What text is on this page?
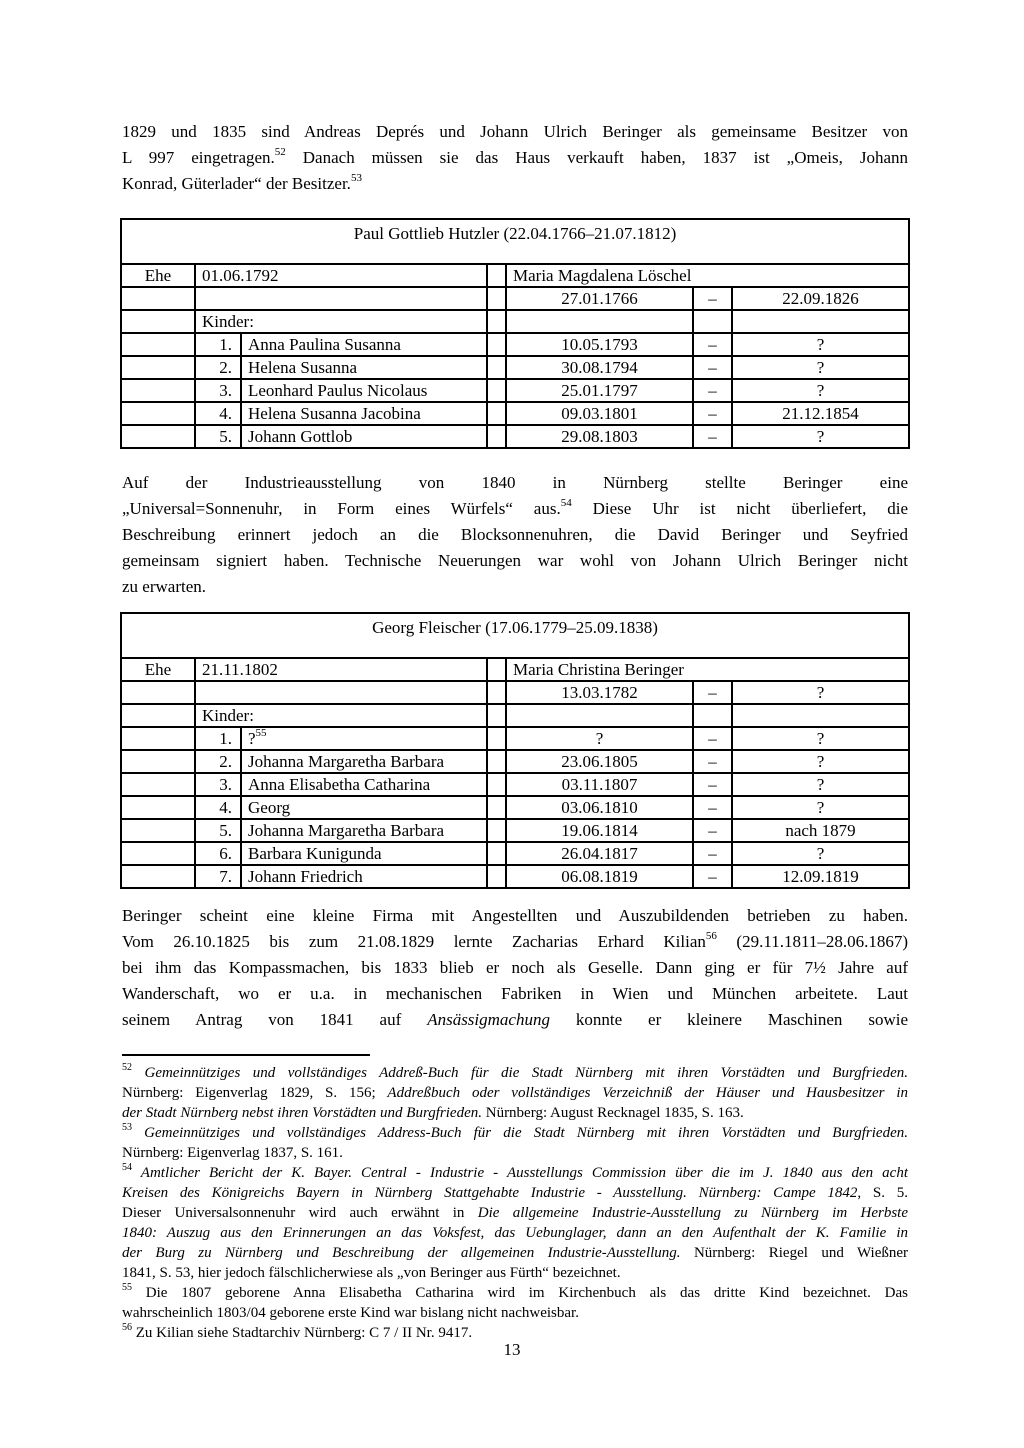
1829 und 1835 sind Andreas Deprés und Johann Ulrich Beringer als gemeinsame Besitzer von
L 997 eingetragen.$^{52}$ Danach müssen sie das Haus verkauft haben, 1837 ist „Omeis, Johann
Konrad, Güterlader“ der Besitzer.$^{53}$
Paul Gottlieb Hutzler (22.04.1766–21.07.1812)						
Ehe	01.06.1792			Maria Magdalena Löschel		
				27.01.1766	–	22.09.1826
	Kinder:					
	1.	Anna Paulina Susanna		10.05.1793	–	?
	2.	Helena Susanna		30.08.1794	–	?
	3.	Leonhard Paulus Nicolaus		25.01.1797	–	?
	4.	Helena Susanna Jacobina		09.03.1801	–	21.12.1854
	5.	Johann Gottlob		29.08.1803	–	?
Auf der Industrieausstellung von 1840 in Nürnberg stellte Beringer eine
„Universal=Sonnenuhr, in Form eines Würfels“ aus.$^{54}$ Diese Uhr ist nicht überliefert, die
Beschreibung erinnert jedoch an die Blocksonnenuhren, die David Beringer und Seyfried
gemeinsam signiert haben. Technische Neuerungen war wohl von Johann Ulrich Beringer nicht
zu erwarten.
Georg Fleischer (17.06.1779–25.09.1838)						
Ehe	21.11.1802			Maria Christina Beringer		
				13.03.1782	–	?
	Kinder:					
	1.	?$^{55}$		?	–	?
	2.	Johanna Margaretha Barbara		23.06.1805	–	?
	3.	Anna Elisabetha Catharina		03.11.1807	–	?
	4.	Georg		03.06.1810	–	?
	5.	Johanna Margaretha Barbara		19.06.1814	–	nach 1879
	6.	Barbara Kunigunda		26.04.1817	–	?
	7.	Johann Friedrich		06.08.1819	–	12.09.1819
Beringer scheint eine kleine Firma mit Angestellten und Auszubildenden betrieben zu haben.
Vom 26.10.1825 bis zum 21.08.1829 lernte Zacharias Erhard Kilian$^{56}$ (29.11.1811–28.06.1867)
bei ihm das Kompassmachen, bis 1833 blieb er noch als Geselle. Dann ging er für 7½ Jahre auf
Wanderschaft, wo er u.a. in mechanischen Fabriken in Wien und München arbeitete. Laut
seinem Antrag von 1841 auf Ansässigmachung konnte er kleinere Maschinen sowie
$^{52}$ Gemeinnütziges und vollständiges Addreß-Buch für die Stadt Nürnberg mit ihren Vorstädten und Burgfrieden.
Nürnberg: Eigenverlag 1829, S. 156; Addreßbuch oder vollständiges Verzeichniß der Häuser und Hausbesitzer in
der Stadt Nürnberg nebst ihren Vorstädten und Burgfrieden. Nürnberg: August Recknagel 1835, S. 163.
$^{53}$ Gemeinnütziges und vollständiges Address-Buch für die Stadt Nürnberg mit ihren Vorstädten und Burgfrieden.
Nürnberg: Eigenverlag 1837, S. 161.
$^{54}$ Amtlicher Bericht der K. Bayer. Central - Industrie - Ausstellungs Commission über die im J. 1840 aus den acht
Kreisen des Königreichs Bayern in Nürnberg Stattgehabte Industrie - Ausstellung. Nürnberg: Campe 1842, S. 5.
Dieser Universalsonnenuhr wird auch erwähnt in Die allgemeine Industrie-Ausstellung zu Nürnberg im Herbste
1840: Auszug aus den Erinnerungen an das Voksfest, das Uebunglager, dann an den Aufenthalt der K. Familie in
der Burg zu Nürnberg und Beschreibung der allgemeinen Industrie-Ausstellung. Nürnberg: Riegel und Wießner
1841, S. 53, hier jedoch fälschlicherwiese als „von Beringer aus Fürth“ bezeichnet.
$^{55}$ Die 1807 geborene Anna Elisabetha Catharina wird im Kirchenbuch als das dritte Kind bezeichnet. Das
wahrscheinlich 1803/04 geborene erste Kind war bislang nicht nachweisbar.
$^{56}$ Zu Kilian siehe Stadtarchiv Nürnberg: C 7 / II Nr. 9417.
13
